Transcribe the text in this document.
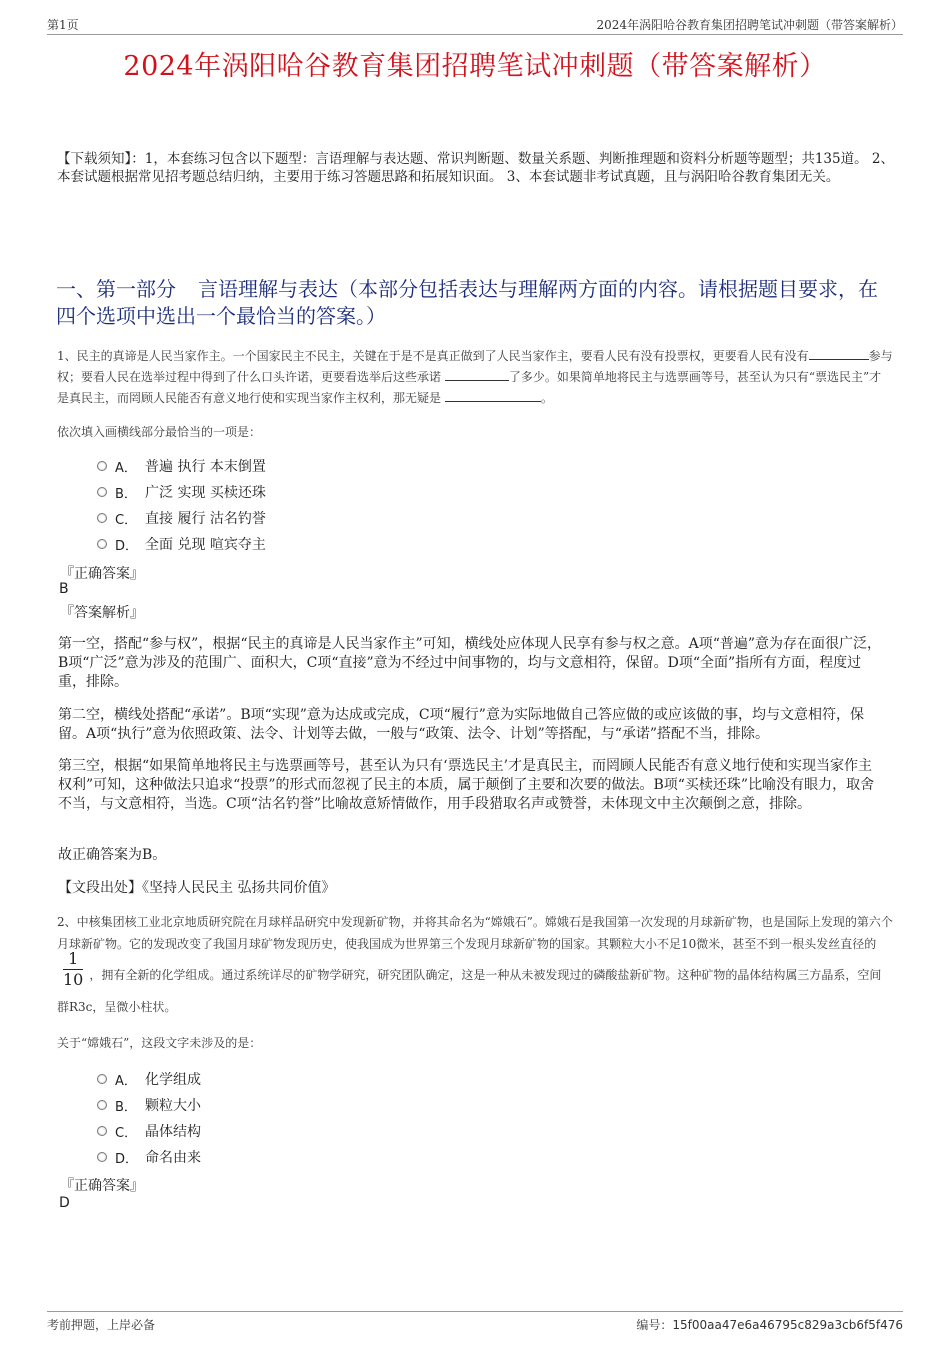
第1页	2024年涡阳哈谷教育集团招聘笔试冲刺题（带答案解析）
2024年涡阳哈谷教育集团招聘笔试冲刺题（带答案解析）
【下载须知】：1，本套练习包含以下题型：言语理解与表达题、常识判断题、数量关系题、判断推理题和资料分析题等题型；共135道。 2、本套试题根据常见招考题总结归纳，主要用于练习答题思路和拓展知识面。 3、本套试题非考试真题，且与涡阳哈谷教育集团无关。
一、第一部分 言语理解与表达（本部分包括表达与理解两方面的内容。请根据题目要求，在四个选项中选出一个最恰当的答案。）
1、民主的真谛是人民当家作主。一个国家民主不民主，关键在于是不是真正做到了人民当家作主，要看人民有没有投票权，更要看人民有没有	参与权；要看人民在选举过程中得到了什么口头许诺，更要看选举后这些承诺	了多少。如果简单地将民主与选票画等号，甚至认为只有“票选民主”才是真民主，而罔顾人民能否有意义地行使和实现当家作主权利，那无疑是	。
依次填入画横线部分最恰当的一项是：
A． 普遍 执行 本末倒置
B． 广泛 实现 买椟还珠
C． 直接 履行 沽名钓誉
D． 全面 兑现 喧宾夺主
『正确答案』
B
『答案解析』
第一空，搭配“参与权”，根据“民主的真谛是人民当家作主”可知，横线处应体现人民享有参与权之意。A项“普遍”意为存在面很广泛，B项“广泛”意为涉及的范围广、面积大，C项“直接”意为不经过中间事物的，均与文意相符，保留。D项“全面”指所有方面，程度过重，排除。
第二空，横线处搭配“承诺”。B项“实现”意为达成或完成，C项“履行”意为实际地做自己答应做的或应该做的事，均与文意相符，保留。A项“执行”意为依照政策、法令、计划等去做，一般与“政策、法令、计划”等搭配，与“承诺”搭配不当，排除。
第三空，根据“如果简单地将民主与选票画等号，甚至认为只有‘票选民主’才是真民主，而罔顾人民能否有意义地行使和实现当家作主权利”可知，这种做法只追求“投票”的形式而忽视了民主的本质，属于颠倒了主要和次要的做法。B项“买椟还珠”比喻没有眼力，取舍不当，与文意相符，当选。C项“沽名钓誉”比喻故意矫情做作，用手段猎取名声或赞誉，未体现文中主次颠倒之意，排除。
故正确答案为B。
【文段出处】《坚持人民民主 弘扬共同价值》
2、中核集团核工业北京地质研究院在月球样品研究中发现新矿物，并将其命名为“嫦娥石”。嫦娥石是我国第一次发现的月球新矿物，也是国际上发现的第六个月球新矿物。它的发现改变了我国月球矿物发现历史，使我国成为世界第三个发现月球新矿物的国家。其颗粒大小不足10微米，甚至不到一根头发丝直径的
$\frac{1}{10}$ ，拥有全新的化学组成。通过系统详尽的矿物学研究，研究团队确定，这是一种从未被发现过的磷酸盐新矿物。这种矿物的晶体结构属三方晶系，空间群R3c，呈微小柱状。
关于“嫦娥石”，这段文字未涉及的是：
A． 化学组成
B． 颗粒大小
C． 晶体结构
D． 命名由来
『正确答案』
D
考前押题，上岸必备	编号：15f00aa47e6a46795c829a3cb6f5f476
